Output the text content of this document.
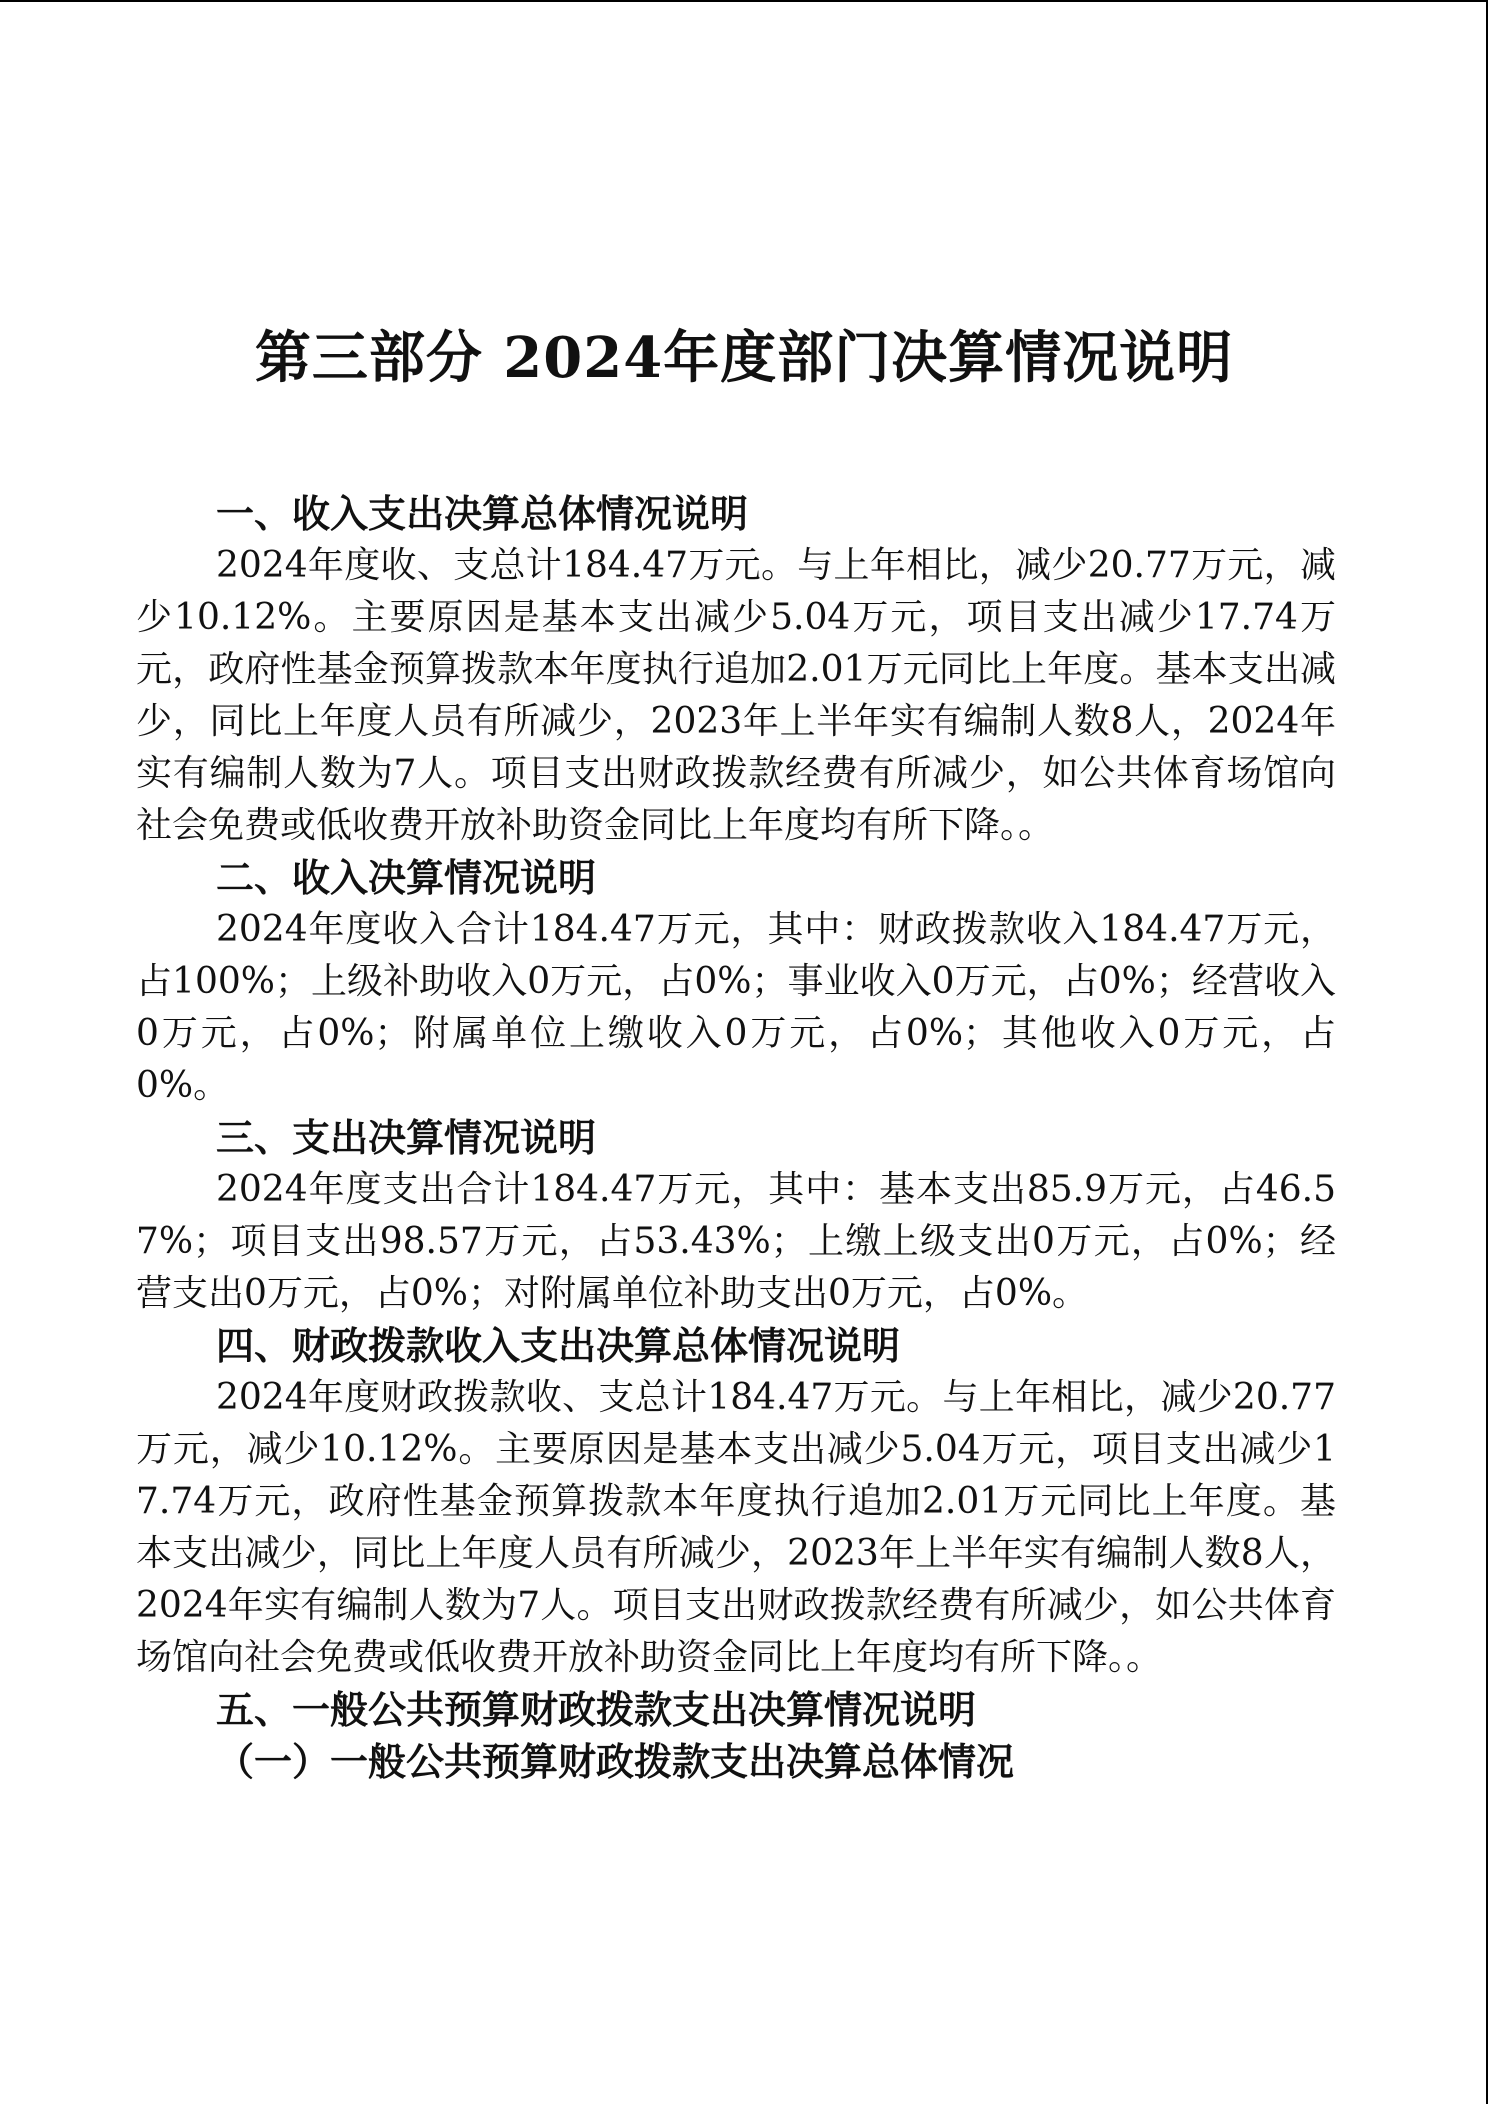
第三部分 2024年度部门决算情况说明

一、收入支出决算总体情况说明

2024年度收、支总计184.47万元。与上年相比，减少20.77万元，减少10.12%。主要原因是基本支出减少5.04万元，项目支出减少17.74万元，政府性基金预算拨款本年度执行追加2.01万元同比上年度。基本支出减少，同比上年度人员有所减少，2023年上半年实有编制人数8人，2024年实有编制人数为7人。项目支出财政拨款经费有所减少，如公共体育场馆向社会免费或低收费开放补助资金同比上年度均有所下降。。

二、收入决算情况说明

2024年度收入合计184.47万元，其中：财政拨款收入184.47万元，占100%；上级补助收入0万元，占0%；事业收入0万元，占0%；经营收入0万元，占0%；附属单位上缴收入0万元，占0%；其他收入0万元，占0%。

三、支出决算情况说明

2024年度支出合计184.47万元，其中：基本支出85.9万元，占46.57%；项目支出98.57万元，占53.43%；上缴上级支出0万元，占0%；经营支出0万元，占0%；对附属单位补助支出0万元，占0%。

四、财政拨款收入支出决算总体情况说明

2024年度财政拨款收、支总计184.47万元。与上年相比，减少20.77万元，减少10.12%。主要原因是基本支出减少5.04万元，项目支出减少17.74万元，政府性基金预算拨款本年度执行追加2.01万元同比上年度。基本支出减少，同比上年度人员有所减少，2023年上半年实有编制人数8人，2024年实有编制人数为7人。项目支出财政拨款经费有所减少，如公共体育场馆向社会免费或低收费开放补助资金同比上年度均有所下降。。

五、一般公共预算财政拨款支出决算情况说明

（一）一般公共预算财政拨款支出决算总体情况
